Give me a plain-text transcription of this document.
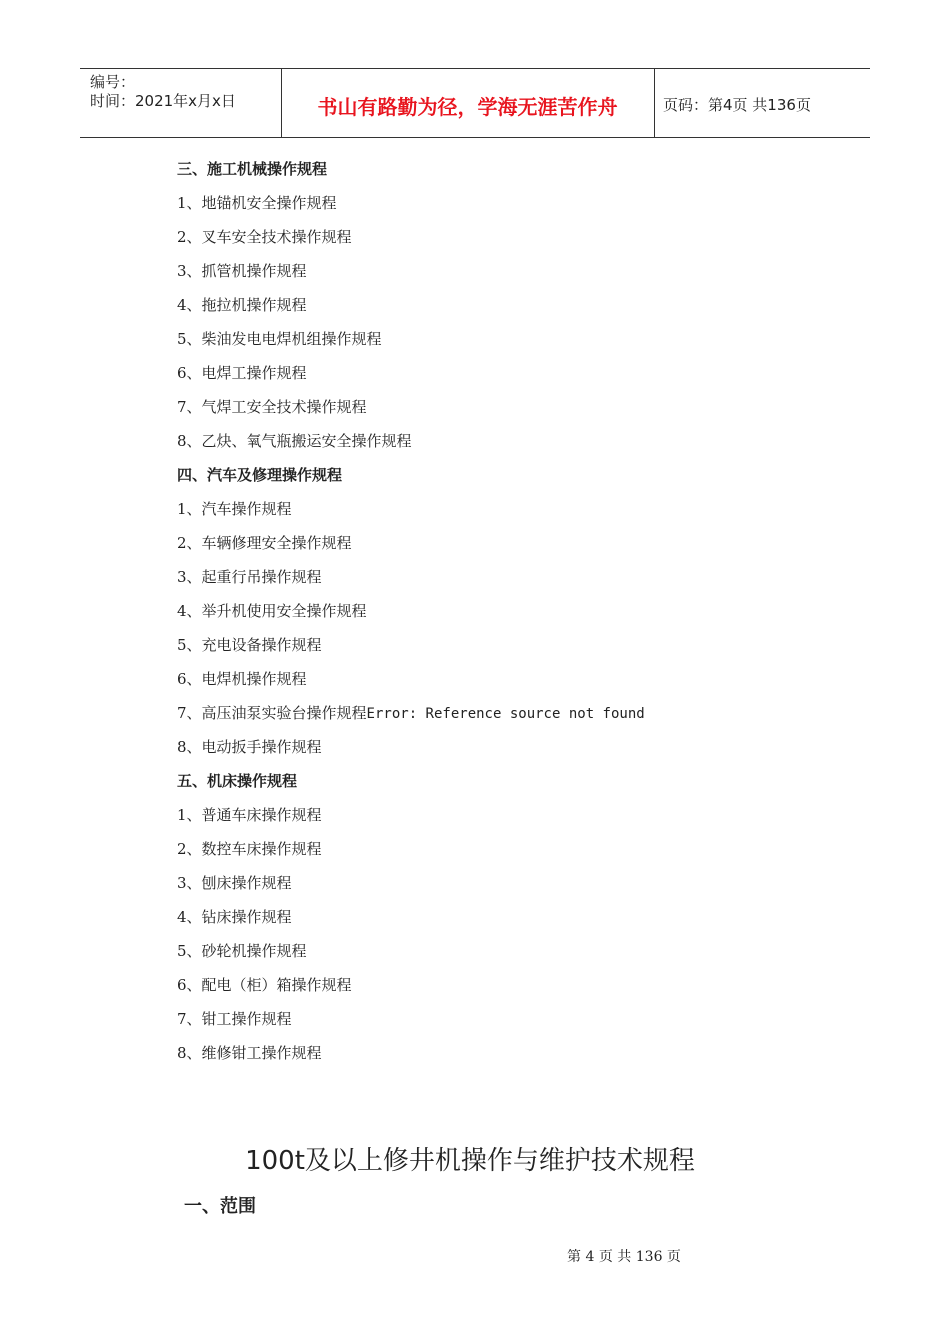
编号：
时间：2021年x月x日	书山有路勤为径，学海无涯苦作舟	页码：第4页 共136页
三、施工机械操作规程
1、地锚机安全操作规程
2、叉车安全技术操作规程
3、抓管机操作规程
4、拖拉机操作规程
5、柴油发电电焊机组操作规程
6、电焊工操作规程
7、气焊工安全技术操作规程
8、乙炔、氧气瓶搬运安全操作规程
四、汽车及修理操作规程
1、汽车操作规程
2、车辆修理安全操作规程
3、起重行吊操作规程
4、举升机使用安全操作规程
5、充电设备操作规程
6、电焊机操作规程
7、高压油泵实验台操作规程Error: Reference source not found
8、电动扳手操作规程
五、机床操作规程
1、普通车床操作规程
2、数控车床操作规程
3、刨床操作规程
4、钻床操作规程
5、砂轮机操作规程
6、配电（柜）箱操作规程
7、钳工操作规程
8、维修钳工操作规程
100t及以上修井机操作与维护技术规程
一、范围
第 4 页 共 136 页
